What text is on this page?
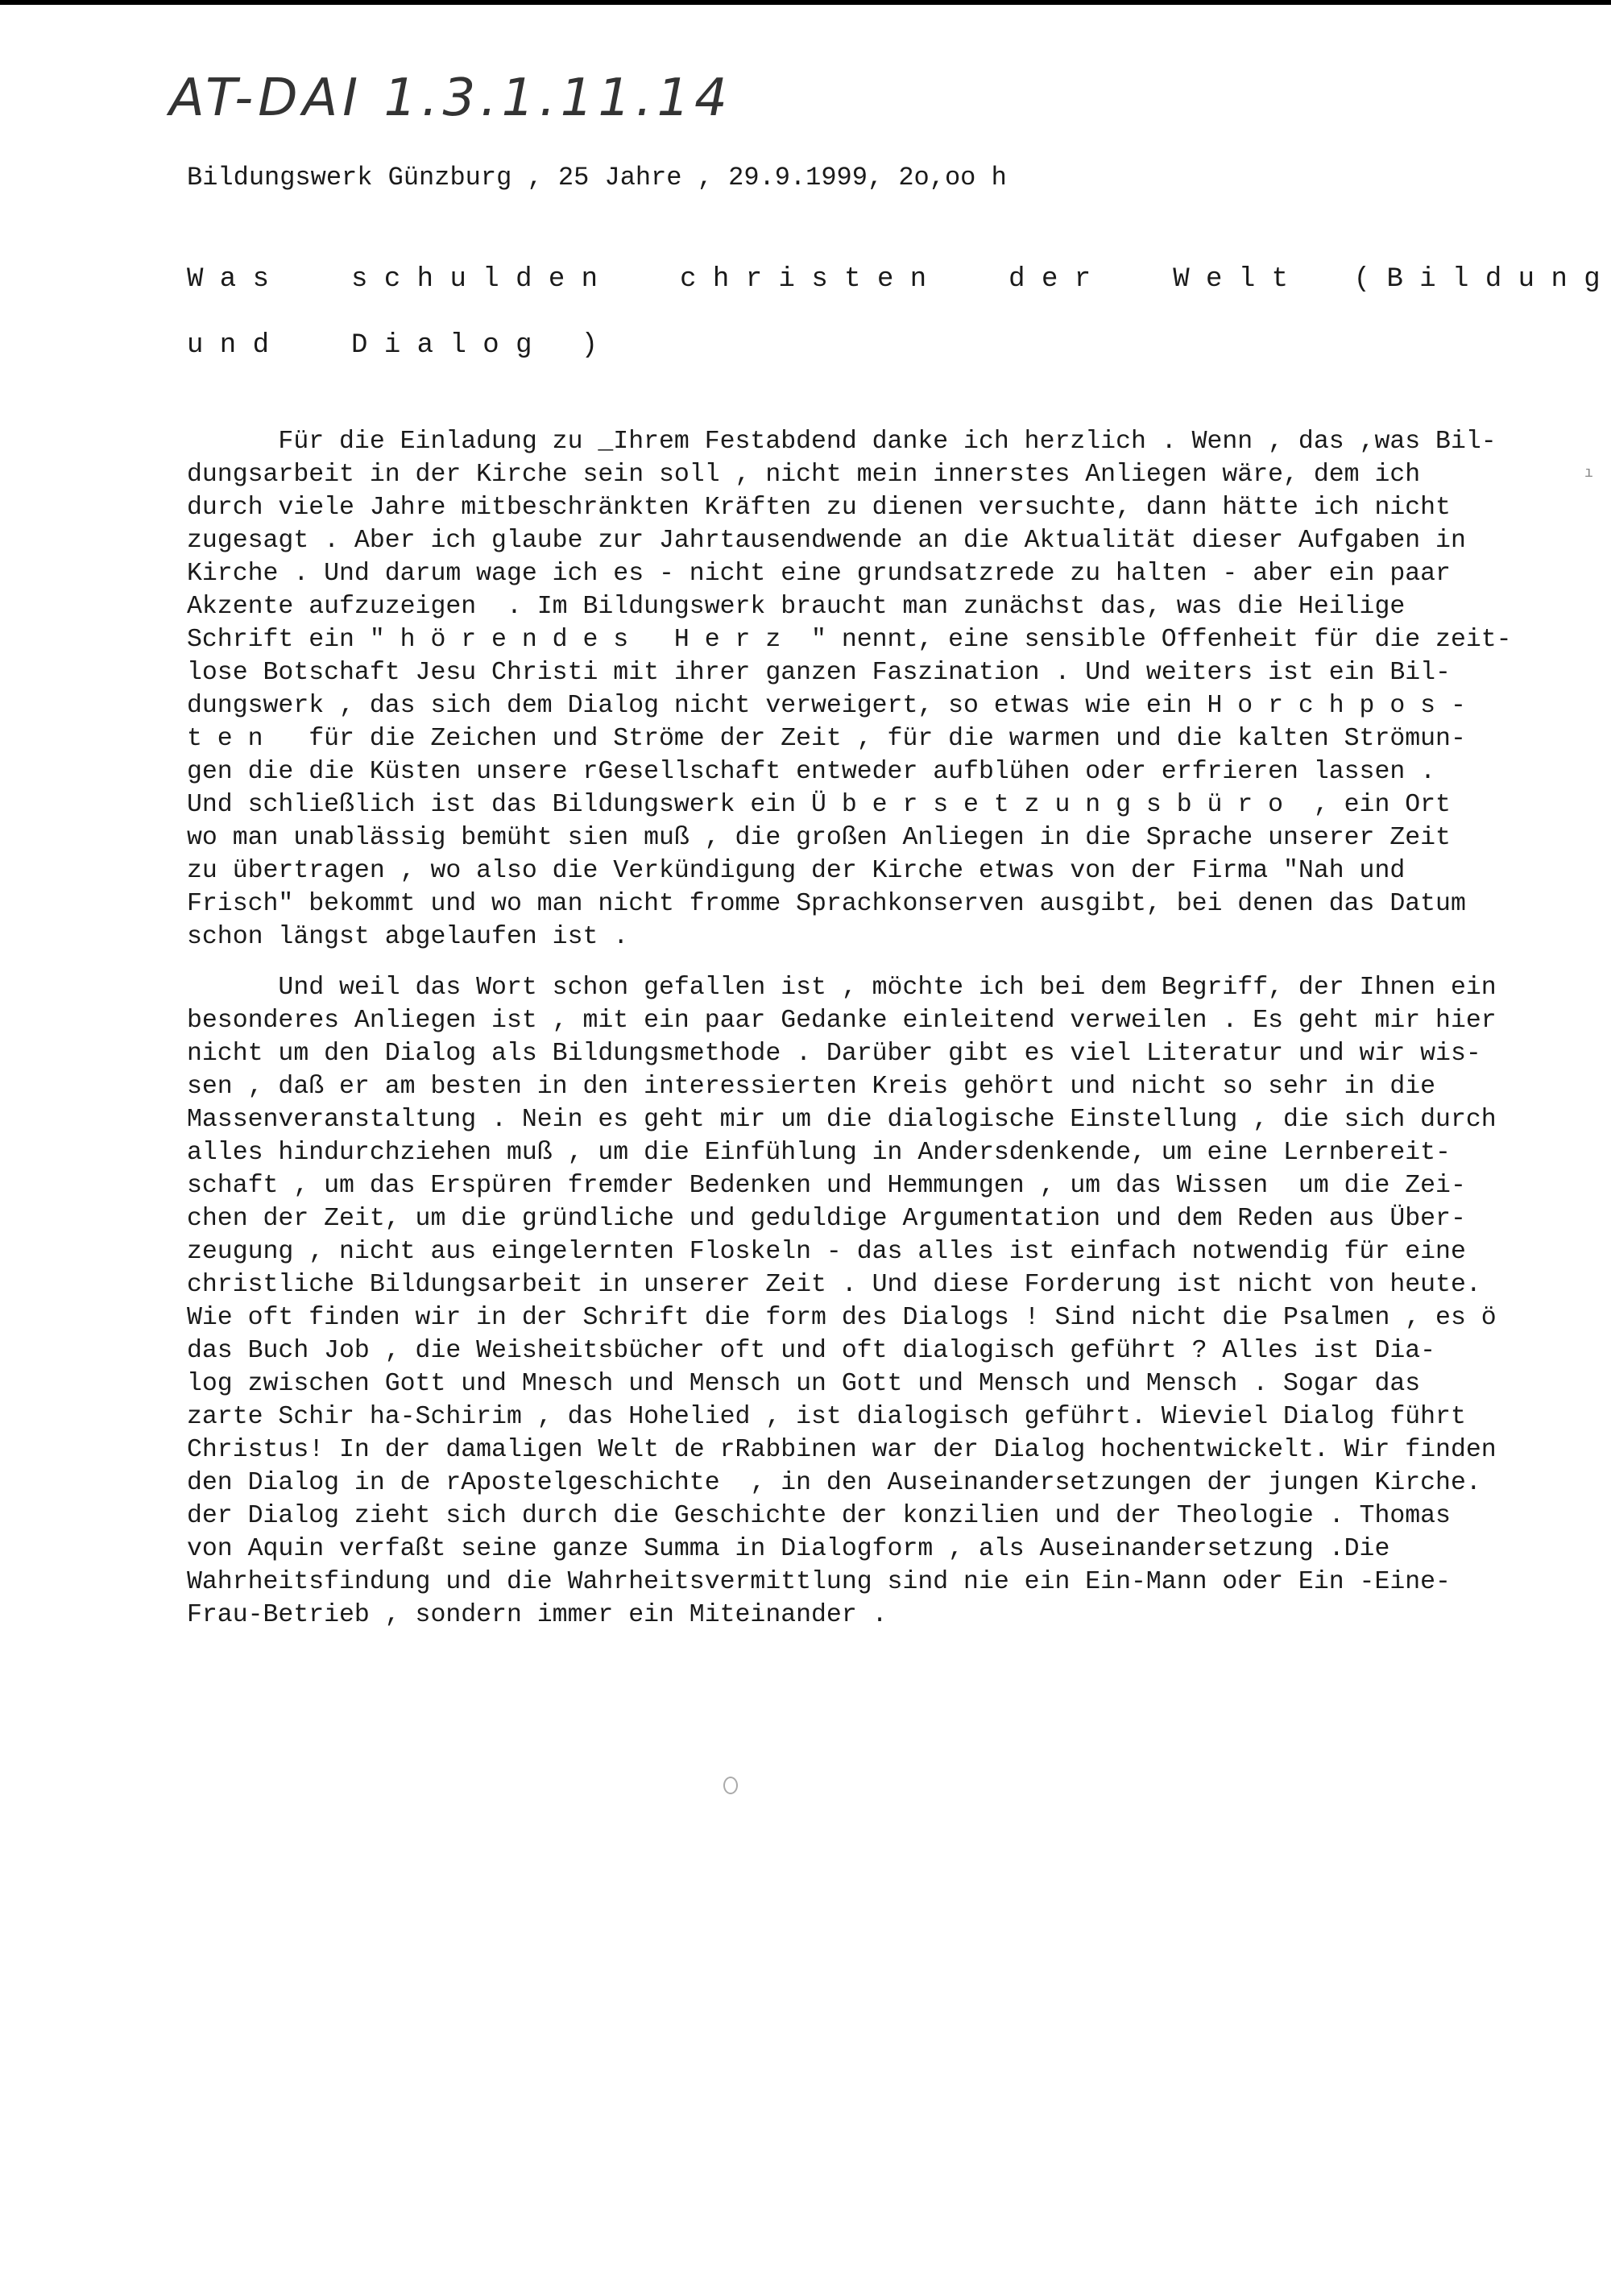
AT-DAI 1.3.1.11.14
Bildungswerk Günzburg , 25 Jahre , 29.9.1999, 2o,oo h
W a s     s c h u l d e n     c h r i s t e n     d e r     W e l t    ( B i l d u n g
u n d     D i a l o g   )
Für die Einladung zu _Ihrem Festabdend danke ich herzlich . Wenn , das ,was Bil-
dungsarbeit in der Kirche sein soll , nicht mein innerstes Anliegen wäre, dem ich
durch viele Jahre mitbeschränkten Kräften zu dienen versuchte, dann hätte ich nicht
zugesagt . Aber ich glaube zur Jahrtausendwende an die Aktualität dieser Aufgaben in
Kirche . Und darum wage ich es - nicht eine grundsatzrede zu halten - aber ein paar
Akzente aufzuzeigen  . Im Bildungswerk braucht man zunächst das, was die Heilige
Schrift ein " h ö r e n d e s   H e r z  " nennt, eine sensible Offenheit für die zeit-
lose Botschaft Jesu Christi mit ihrer ganzen Faszination . Und weiters ist ein Bil-
dungswerk , das sich dem Dialog nicht verweigert, so etwas wie ein H o r c h p o s -
t e n   für die Zeichen und Ströme der Zeit , für die warmen und die kalten Strömun-
gen die die Küsten unsere rGesellschaft entweder aufblühen oder erfrieren lassen .
Und schließlich ist das Bildungswerk ein Ü b e r s e t z u n g s b ü r o  , ein Ort
wo man unablässig bemüht sien muß , die großen Anliegen in die Sprache unserer Zeit
zu übertragen , wo also die Verkündigung der Kirche etwas von der Firma "Nah und
Frisch" bekommt und wo man nicht fromme Sprachkonserven ausgibt, bei denen das Datum
schon längst abgelaufen ist .
Und weil das Wort schon gefallen ist , möchte ich bei dem Begriff, der Ihnen ein
besonderes Anliegen ist , mit ein paar Gedanke einleitend verweilen . Es geht mir hier
nicht um den Dialog als Bildungsmethode . Darüber gibt es viel Literatur und wir wis-
sen , daß er am besten in den interessierten Kreis gehört und nicht so sehr in die
Massenveranstaltung . Nein es geht mir um die dialogische Einstellung , die sich durch
alles hindurchziehen muß , um die Einfühlung in Andersdenkende, um eine Lernbereit-
schaft , um das Erspüren fremder Bedenken und Hemmungen , um das Wissen  um die Zei-
chen der Zeit, um die gründliche und geduldige Argumentation und dem Reden aus Über-
zeugung , nicht aus eingelernten Floskeln - das alles ist einfach notwendig für eine
christliche Bildungsarbeit in unserer Zeit . Und diese Forderung ist nicht von heute.
Wie oft finden wir in der Schrift die form des Dialogs ! Sind nicht die Psalmen , es ö
das Buch Job , die Weisheitsbücher oft und oft dialogisch geführt ? Alles ist Dia-
log zwischen Gott und Mnesch und Mensch un Gott und Mensch und Mensch . Sogar das
zarte Schir ha-Schirim , das Hohelied , ist dialogisch geführt. Wieviel Dialog führt
Christus! In der damaligen Welt de rRabbinen war der Dialog hochentwickelt. Wir finden
den Dialog in de rApostelgeschichte  , in den Auseinandersetzungen der jungen Kirche.
der Dialog zieht sich durch die Geschichte der konzilien und der Theologie . Thomas
von Aquin verfaßt seine ganze Summa in Dialogform , als Auseinandersetzung .Die
Wahrheitsfindung und die Wahrheitsvermittlung sind nie ein Ein-Mann oder Ein -Eine-
Frau-Betrieb , sondern immer ein Miteinander .
ı
